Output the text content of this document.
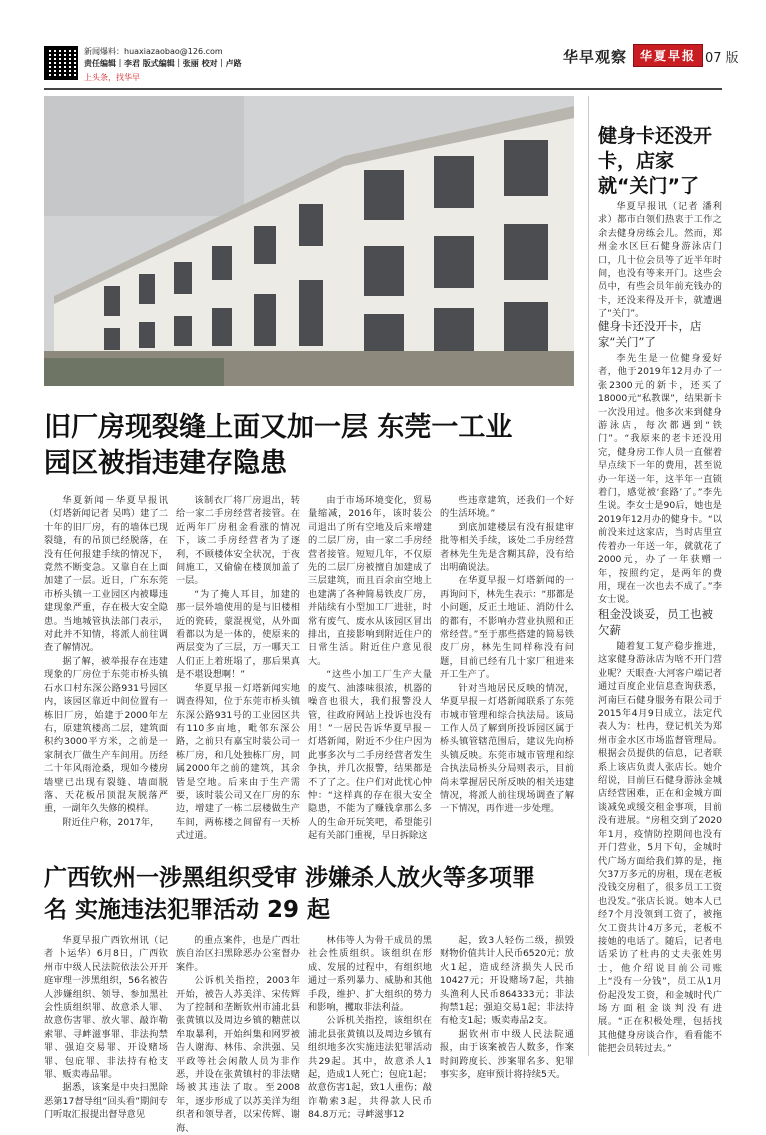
新闻爆料：huaxiazaobao@126.com
责任编辑｜李君 版式编辑｜张丽 校对｜卢路
上头条，找华早
华早观察	华夏早报 07 版
健身卡还没开卡，店家就“关门”了

华夏早报讯（记者 潘利求）都市白领们热衷于工作之余去健身房练会儿。然而，郑州金水区巨石健身游泳店门口，几十位会员等了近半年时间，也没有等来开门。这些会员中，有些会员年前充钱办的卡，还没来得及开卡，就遭遇了“关门”。

健身卡还没开卡，店家“关门”了

李先生是一位健身爱好者，他于2019年12月办了一张2300元的新卡，还买了18000元“私教课”，结果新卡一次没用过。他多次来到健身游泳店，每次都遇到“铁门”。“我原来的老卡还没用完，健身房工作人员一直催着早点续下一年的费用，甚至说办一年送一年，这半年一直锁着门，感觉被‘套路’了。”李先生说。李女士是90后，她也是2019年12月办的健身卡。“以前没来过这家店，当时店里宣传着办一年送一年，就就花了2000元，办了一年获赠一年，按照约定，是两年的费用，现在一次也去不成了。”李女士说。

租金没谈妥，员工也被欠薪

随着复工复产稳步推进，这家健身游泳店为啥不开门营业呢？天眼查·大河客户端记者通过百度企业信息查询获悉，河南巨石健身服务有限公司于2015年4月9日成立，法定代表人为：杜冉，登记机关为郑州市金水区市场监督管理局。根据会员提供的信息，记者联系上该店负责人张店长。她介绍说，目前巨石健身游泳金城店经营困难，正在和金城方面谈减免或缓交租金事项，目前没有进展。“房租交到了2020年1月，疫情防控期间也没有开门营业，5月下旬，金城时代广场方面给我们算的是，拖欠37万多元的房租，现在老板没钱交房租了，很多员工工资也没发。”张店长说。她本人已经7个月没领到工资了，被拖欠工资共计4万多元，老板不接她的电话了。随后，记者电话采访了杜冉的丈夫张姓男士，他介绍说目前公司账上“没有一分钱”，员工从1月份起没发工资，和金城时代广场方面租金谈判没有进展。“正在积极处理，包括找其他健身房谈合作，看看能不能把会员转过去。”

旧厂房现裂缝上面又加一层 东莞一工业
园区被指违建存隐患

华夏新闻－华夏早报讯（灯塔新闻记者 吴鸣）建了二十年的旧厂房，有的墙体已现裂缝，有的吊顶已经脱落，在没有任何报建手续的情况下，竟然不断变急。又靠自在上面加建了一层。近日，广东东莞市桥头镇一工业园区内被曝违建现象严重，存在极大安全隐患。当地城管执法部门表示，对此并不知情，将派人前往调查了解情况。

据了解，被举报存在违建现象的厂房位于东莞市桥头镇石水口村东深公路931号园区内，该园区靠近中间位置有一栋旧厂房，始建于2000年左右，原建筑楼高二层，建筑面积约3000平方米，之前是一家制衣厂做生产车间用。历经二十年风雨沧桑，现如今楼房墙壁已出现有裂缝、墙面脱落、天花板吊顶混灰脱落严重，一副年久失修的模样。

附近住户称，2017年，

该制衣厂将厂房退出，转给一家二手房经营者接管。在近两年厂房租金看涨的情况下，该二手房经营者为了逐利，不顾楼体安全状况，于夜间施工，又偷偷在楼顶加盖了一层。

“为了掩人耳目，加建的那一层外墙使用的是与旧楼相近的瓷砖，蒙混视觉，从外面看都以为是一体的，使原来的两层变为了三层，万一哪天工人们正上着班塌了，那后果真是不堪设想啊！”

华夏早报－灯塔新闻实地调查得知，位于东莞市桥头镇东深公路931号的工业园区共有110多亩地，毗邻东深公路，之前只有嘉宝时装公司一栋厂房，和几处独栋厂房，同属2000年之前的建筑，其余皆是空地。后来由于生产需要，该时装公司又在厂房的东边，增建了一栋二层楼做生产车间，两栋楼之间留有一天桥式过道。

由于市场环境变化，贸易量缩减，2016年，该时装公司退出了所有空地及后来增建的二层厂房，由一家二手房经营者接管。短短几年，不仅原先的二层厂房被擅自加建成了三层建筑，而且百余亩空地上也建满了各种简易铁皮厂房，并陆续有小型加工厂进驻，时常有废气、废水从该园区冒出排出，直接影响到附近住户的日常生活。附近住户意见很大。

“这些小加工厂生产大量的废气、油漆味很浓，机器的噪音也很大，我们报警没人管，往政府网站上投诉也没有用！”一居民告诉华夏早报－灯塔新闻，附近不少住户因为此事多次与二手房经营者发生争执，并几次报警，结果都是不了了之。住户们对此忧心忡忡：“这样真的存在很大安全隐患，不能为了赚钱拿那么多人的生命开玩笑吧，希望能引起有关部门重视，早日拆除这

些违章建筑，还我们一个好的生活环境。”

到底加建楼层有没有报建审批等相关手续，该处二手房经营者林先生先是含糊其辞，没有给出明确说法。

在华夏早报－灯塔新闻的一再询问下，林先生表示：“那都是小问题，反正土地证、消防什么的都有，不影响办营业执照和正常经营。”至于那些搭建的简易铁皮厂房，林先生同样称没有问题，目前已经有几十家厂租进来开工生产了。

针对当地居民反映的情况，华夏早报－灯塔新闻联系了东莞市城市管理和综合执法局。该局工作人员了解到所投诉园区属于桥头镇管辖范围后，建议先向桥头镇反映。东莞市城市管理和综合执法局桥头分局则表示，目前尚未掌握居民所反映的相关违建情况，将派人前往现场调查了解一下情况，再作进一步处理。

广西钦州一涉黑组织受审 涉嫌杀人放火等多项罪
名 实施违法犯罪活动 29 起

华夏早报广西钦州讯（记者 卜运华）6月8日，广西钦州市中级人民法院依法公开开庭审理一涉黑组织，56名被告人涉嫌组织、领导、参加黑社会性质组织罪、故意杀人罪、故意伤害罪、放火罪、敲诈勒索罪、寻衅滋事罪、非法拘禁罪、强迫交易罪、开设赌场罪、包庇罪、非法持有枪支罪、贩卖毒品罪。

据悉，该案是中央扫黑除恶第17督导组“回头看”期间专门听取汇报提出督导意见

的重点案件，也是广西壮族自治区扫黑除恶办公室督办案件。

公诉机关指控，2003年开始，被告人苏美洋、宋传辉为了控制和垄断钦州市浦北县张黄镇以及周边乡镇的糖蔗以牟取暴利，开始纠集和网罗被告人谢海、林伟、余洪强、吴平政等社会闲散人员为非作恶，并设在张黄镇村的非法赌场被其违法了取。至2008年，逐步形成了以苏美洋为组织者和领导者，以宋传辉、谢海、

林伟等人为骨干成员的黑社会性质组织。该组织在形成、发展的过程中，有组织地通过一系列暴力、威胁和其他手段，维护、扩大组织的势力和影响，攫取非法利益。

公诉机关指控，该组织在浦北县张黄镇以及周边乡镇有组织地多次实施违法犯罪活动共29起。其中，故意杀人1起，造成1人死亡；包庇1起；故意伤害1起，致1人重伤；敲诈勒索3起，共得款人民币84.8万元；寻衅滋事12

起，致3人轻伤二级，损毁财物价值共计人民币6520元；放火1起，造成经济损失人民币10427元；开设赌场7起，共抽头渔利人民币864333元；非法拘禁1起；强迫交易1起；非法持有枪支1起；贩卖毒品2支。

据钦州市中级人民法院通报，由于该案被告人数多，作案时间跨度长、涉案罪名多、犯罪事实多，庭审预计将持续5天。
